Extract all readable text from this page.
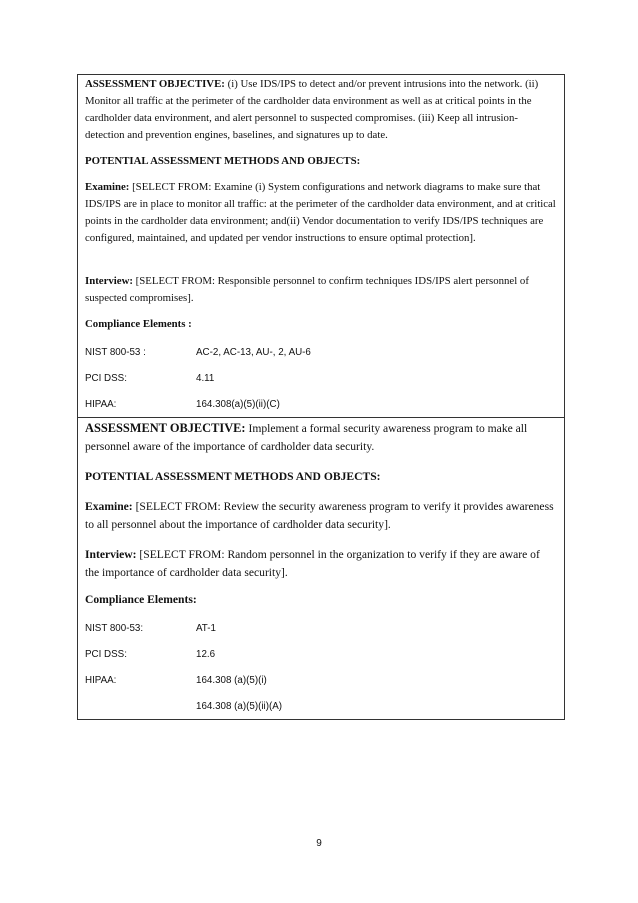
ASSESSMENT OBJECTIVE: (i) Use IDS/IPS to detect and/or prevent intrusions into the network. (ii) Monitor all traffic at the perimeter of the cardholder data environment as well as at critical points in the cardholder data environment, and alert personnel to suspected compromises. (iii) Keep all intrusion-detection and prevention engines, baselines, and signatures up to date.

POTENTIAL ASSESSMENT METHODS AND OBJECTS:

Examine: [SELECT FROM: Examine (i) System configurations and network diagrams to make sure that IDS/IPS are in place to monitor all traffic: at the perimeter of the cardholder data environment, and at critical points in the cardholder data environment; and(ii) Vendor documentation to verify IDS/IPS techniques are configured, maintained, and updated per vendor instructions to ensure optimal protection].

Interview: [SELECT FROM: Responsible personnel to confirm techniques IDS/IPS alert personnel of suspected compromises].

Compliance Elements :

NIST 800-53 :	AC-2, AC-13, AU-, 2, AU-6
PCI DSS:	4.11
HIPAA:	164.308(a)(5)(ii)(C)

ASSESSMENT OBJECTIVE: Implement a formal security awareness program to make all personnel aware of the importance of cardholder data security.

POTENTIAL ASSESSMENT METHODS AND OBJECTS:

Examine: [SELECT FROM: Review the security awareness program to verify it provides awareness to all personnel about the importance of cardholder data security].

Interview: [SELECT FROM: Random personnel in the organization to verify if they are aware of the importance of cardholder data security].

Compliance Elements:

NIST 800-53:	AT-1
PCI DSS:	12.6
HIPAA:	164.308 (a)(5)(i)
164.308 (a)(5)(ii)(A)
9
